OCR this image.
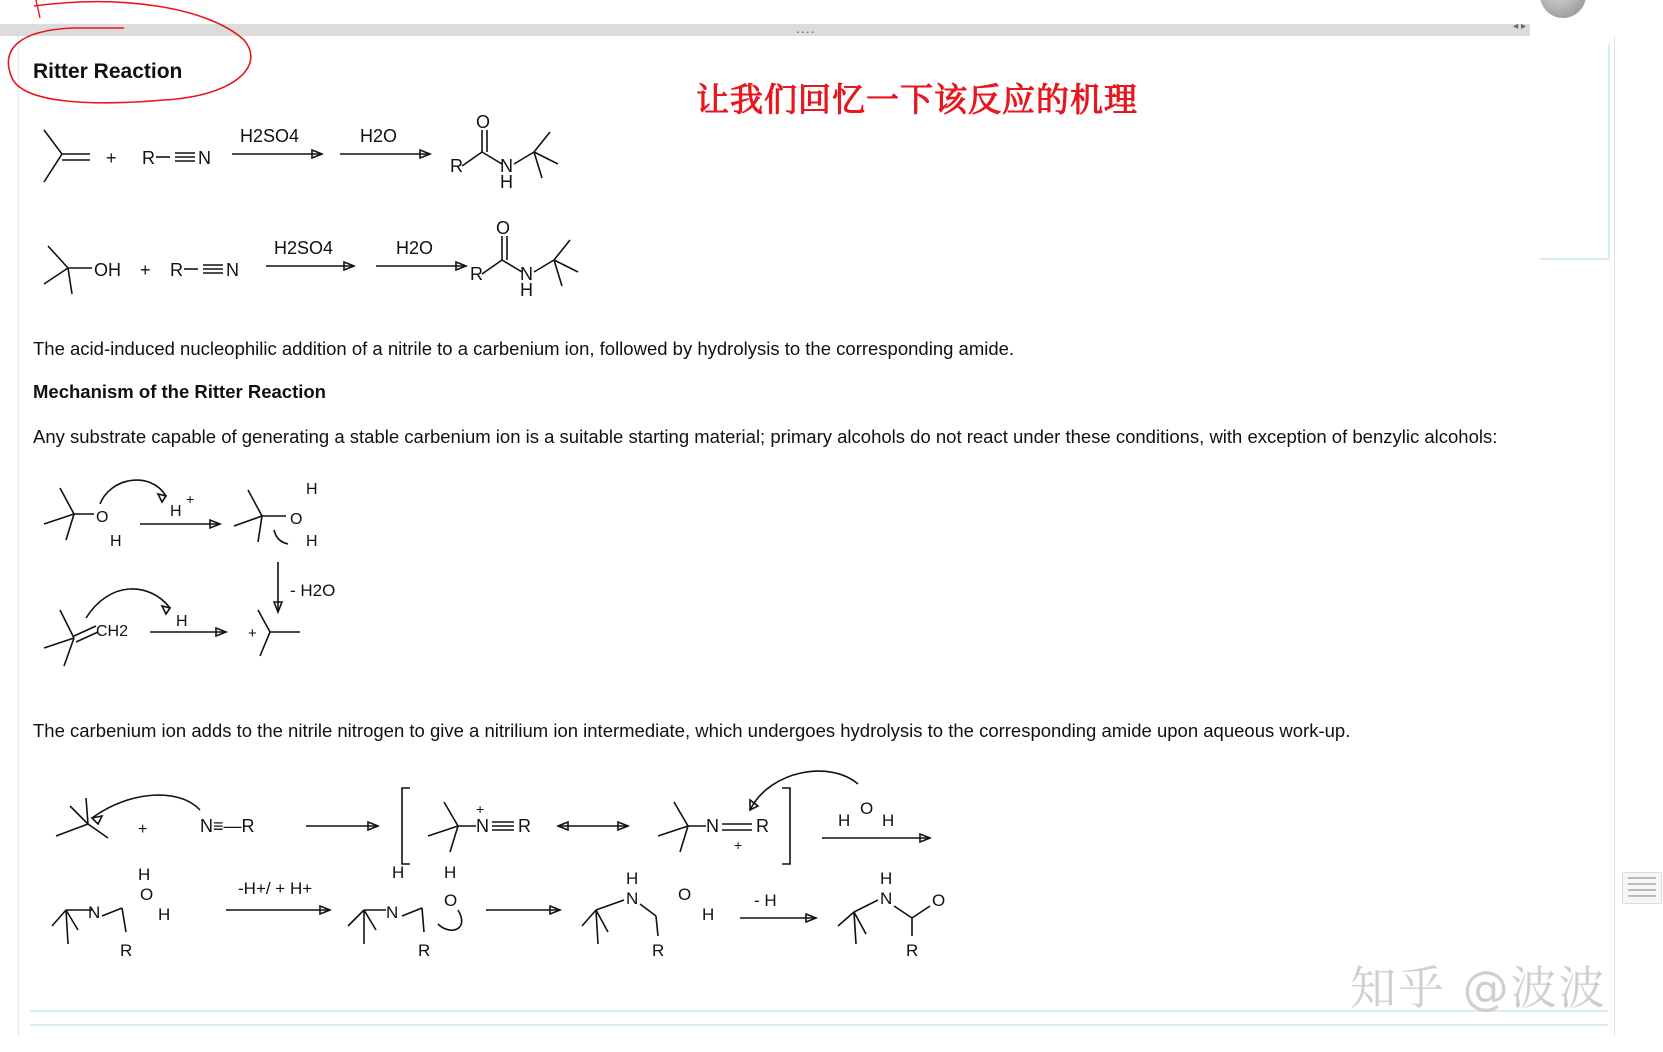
....	◂ ▸
Ritter Reaction
让我们回忆一下该反应的机理
+ R N
H2SO4	H2O
O
R N
H
OH + R N
H2SO4	H2O
O
R N
H
The acid-induced nucleophilic addition of a nitrile to a carbenium ion, followed by hydrolysis to the corresponding amide.
Mechanism of the Ritter Reaction
Any substrate capable of generating a stable carbenium ion is a suitable starting material; primary alcohols do not react under these conditions, with exception of benzylic alcohols:
O
H
H
+
O
H
H
- H2O
CH2
H
+
The carbenium ion adds to the nitrile nitrogen to give a nitrilium ion intermediate, which undergoes hydrolysis to the corresponding amide upon aqueous work-up.
+	N≡—R	N
+
R	N R
+
H
O
H
N
R
O
H
H
-H+/ + H+
N
H
R
O
H
N
H
R
O
H
- H	N
H
R
O
知乎 @波波
